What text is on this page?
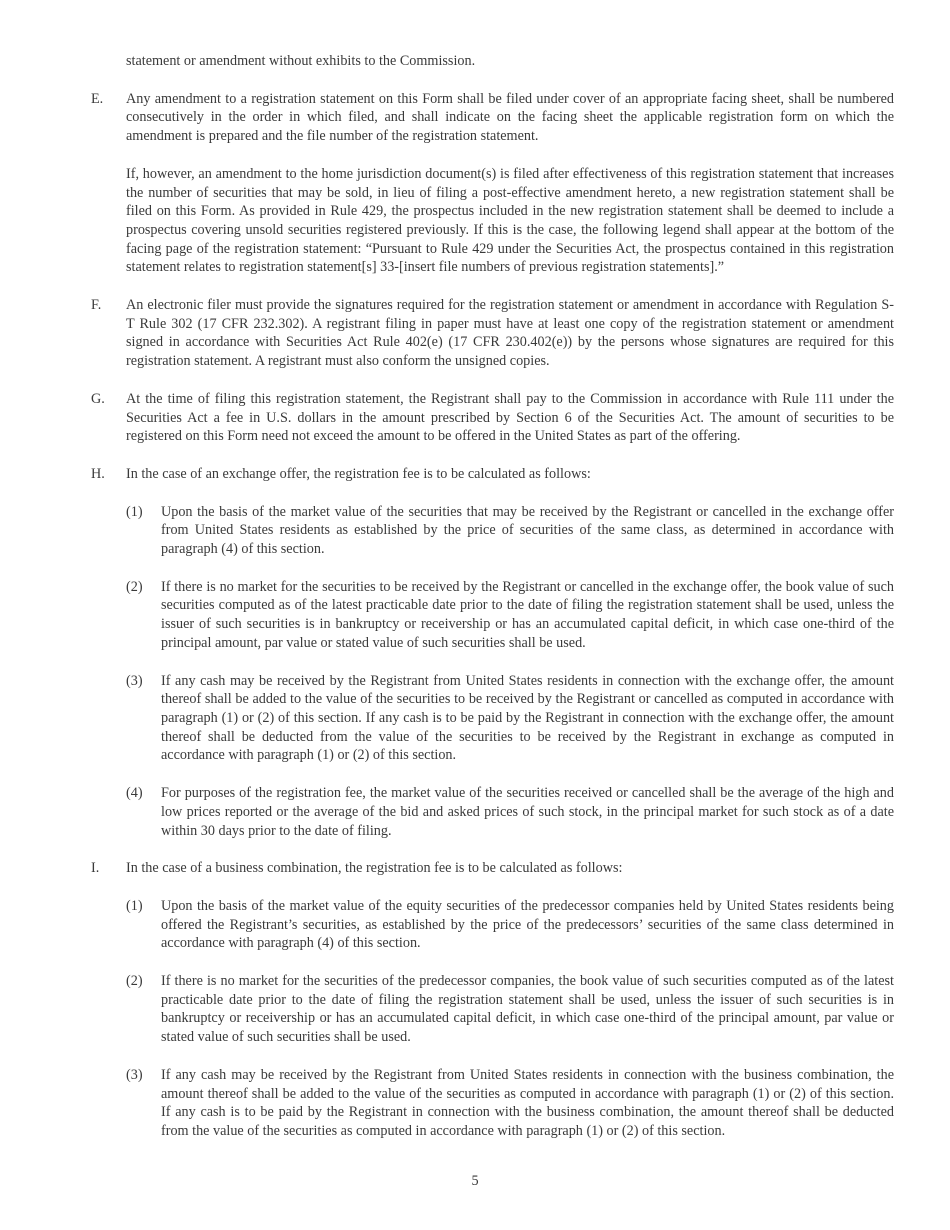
statement or amendment without exhibits to the Commission.
E. Any amendment to a registration statement on this Form shall be filed under cover of an appropriate facing sheet, shall be numbered consecutively in the order in which filed, and shall indicate on the facing sheet the applicable registration form on which the amendment is prepared and the file number of the registration statement.
If, however, an amendment to the home jurisdiction document(s) is filed after effectiveness of this registration statement that increases the number of securities that may be sold, in lieu of filing a post-effective amendment hereto, a new registration statement shall be filed on this Form. As provided in Rule 429, the prospectus included in the new registration statement shall be deemed to include a prospectus covering unsold securities registered previously. If this is the case, the following legend shall appear at the bottom of the facing page of the registration statement: “Pursuant to Rule 429 under the Securities Act, the prospectus contained in this registration statement relates to registration statement[s] 33-[insert file numbers of previous registration statements].”
F. An electronic filer must provide the signatures required for the registration statement or amendment in accordance with Regulation S-T Rule 302 (17 CFR 232.302). A registrant filing in paper must have at least one copy of the registration statement or amendment signed in accordance with Securities Act Rule 402(e) (17 CFR 230.402(e)) by the persons whose signatures are required for this registration statement. A registrant must also conform the unsigned copies.
G. At the time of filing this registration statement, the Registrant shall pay to the Commission in accordance with Rule 111 under the Securities Act a fee in U.S. dollars in the amount prescribed by Section 6 of the Securities Act. The amount of securities to be registered on this Form need not exceed the amount to be offered in the United States as part of the offering.
H. In the case of an exchange offer, the registration fee is to be calculated as follows:
(1) Upon the basis of the market value of the securities that may be received by the Registrant or cancelled in the exchange offer from United States residents as established by the price of securities of the same class, as determined in accordance with paragraph (4) of this section.
(2) If there is no market for the securities to be received by the Registrant or cancelled in the exchange offer, the book value of such securities computed as of the latest practicable date prior to the date of filing the registration statement shall be used, unless the issuer of such securities is in bankruptcy or receivership or has an accumulated capital deficit, in which case one-third of the principal amount, par value or stated value of such securities shall be used.
(3) If any cash may be received by the Registrant from United States residents in connection with the exchange offer, the amount thereof shall be added to the value of the securities to be received by the Registrant or cancelled as computed in accordance with paragraph (1) or (2) of this section. If any cash is to be paid by the Registrant in connection with the exchange offer, the amount thereof shall be deducted from the value of the securities to be received by the Registrant in exchange as computed in accordance with paragraph (1) or (2) of this section.
(4) For purposes of the registration fee, the market value of the securities received or cancelled shall be the average of the high and low prices reported or the average of the bid and asked prices of such stock, in the principal market for such stock as of a date within 30 days prior to the date of filing.
I. In the case of a business combination, the registration fee is to be calculated as follows:
(1) Upon the basis of the market value of the equity securities of the predecessor companies held by United States residents being offered the Registrant’s securities, as established by the price of the predecessors’ securities of the same class determined in accordance with paragraph (4) of this section.
(2) If there is no market for the securities of the predecessor companies, the book value of such securities computed as of the latest practicable date prior to the date of filing the registration statement shall be used, unless the issuer of such securities is in bankruptcy or receivership or has an accumulated capital deficit, in which case one-third of the principal amount, par value or stated value of such securities shall be used.
(3) If any cash may be received by the Registrant from United States residents in connection with the business combination, the amount thereof shall be added to the value of the securities as computed in accordance with paragraph (1) or (2) of this section. If any cash is to be paid by the Registrant in connection with the business combination, the amount thereof shall be deducted from the value of the securities as computed in accordance with paragraph (1) or (2) of this section.
5
